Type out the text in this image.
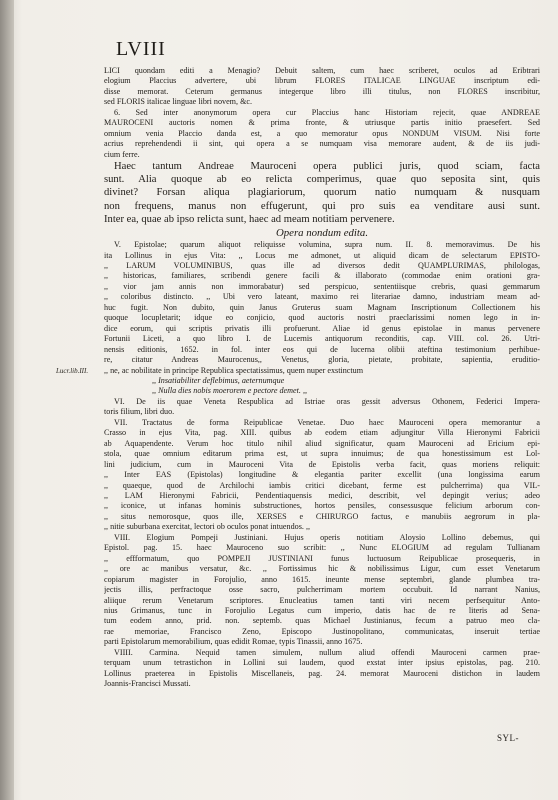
LVIII
Lucr.lib.III.
LICI quondam editi a Menagio? Debuit saltem, cum haec scriberet, oculos ad Eribtrari
elogium Placcius advertere, ubi librum FLORES ITALICAE LINGUAE inscriptum edi-
disse memorat. Ceterum germanus integerque libro illi titulus, non FLORES inscribitur,
sed FLORIS italicae linguae libri novem, &c.
6. Sed inter anonymorum opera cur Placcius hanc Historiam rejecit, quae ANDREAE
MAUROCENI auctoris nomen & prima fronte, & utriusque partis initio praesefert. Sed
omnium venia Placcio danda est, a quo memoratur opus NONDUM VISUM. Nisi forte
acrius reprehendendi ii sint, qui opera a se numquam visa memorare audent, & de iis judi-
cium ferre.
Haec tantum Andreae Mauroceni opera publici juris, quod sciam, facta
sunt. Alia quoque ab eo relicta comperimus, quae quo seposita sint, quis
divinet? Forsan aliqua plagiariorum, quorum natio numquam & nusquam
non frequens, manus non effugerunt, qui pro suis ea venditare ausi sunt.
Inter ea, quae ab ipso relicta sunt, haec ad meam notitiam pervenere.
Opera nondum edita.
V. Epistolae; quarum aliquot reliquisse volumina, supra num. II. 8. memoravimus. De his
ita Lollinus in ejus Vita: ,, Locus me admonet, ut aliquid dicam de selectarum EPISTO-
,, LARUM VOLUMINIBUS, quas ille ad diversos dedit QUAMPLURIMAS, philologas,
,, historicas, familiares, scribendi genere facili & illaborato (commodae enim orationi gra-
,, vior jam annis non immorabatur) sed perspicuo, sententiisque crebris, quasi gemmarum
,, coloribus distincto. ,, Ubi vero lateant, maximo rei literariae damno, industriam meam ad-
huc fugit. Non dubito, quin Janus Gruterus suam Magnam Inscriptionum Collectionem his
quoque locupletarit; idque eo conjicio, quod auctoris nostri praeclarissimi nomen lego in in-
dice eorum, qui scriptis privatis illi profuerunt. Aliae id genus epistolae in manus pervenere
Fortunii Liceti, a quo libro I. de Lucernis antiquorum reconditis, cap. VIII. col. 26. Utri-
nensis editionis, 1652. in fol. inter eos qui de lucerna olibii ateftina testimonium perhibue-
re, citatur Andreas Maurocenus,, Venetus, gloria, pietate, probitate, sapientia, eruditio-
,, ne, ac nobilitate in principe Republica spectatissimus, quem nuper exstinctum
,, Insatiabiliter deflebimus, aeternumque
,, Nulla dies nobis moerorem e pectore demet. ,,
VI. De iis quae Veneta Respublica ad Istriae oras gessit adversus Othonem, Federici Impera-
toris filium, libri duo.
VII. Tractatus de forma Reipublicae Venetae. Duo haec Mauroceni opera memorantur a
Crasso in ejus Vita, pag. XIII. quibus ab eodem etiam adjungitur Villa Hieronymi Fabricii
ab Aquapendente. Verum hoc titulo nihil aliud significatur, quam Mauroceni ad Ericium epi-
stola, quae omnium editarum prima est, ut supra innuimus; de qua honestissimum est Lol-
lini judicium, cum in Mauroceni Vita de Epistolis verba facit, quas moriens reliquit:
,, Inter EAS (Epistolas) longitudine & elegantia pariter excellit (una longissima earum
,, quaeque, quod de Archilochi iambis critici dicebant, ferme est pulcherrima) qua VIL-
,, LAM Hieronymi Fabricii, Pendentiaquensis medici, describit, vel depingit verius; adeo
,, iconice, ut infanas hominis substructiones, hortos pensiles, consessusque felicium arborum con-
,, situs nemorosque, quos ille, XERSES e CHIRURGO factus, e manubiis aegrorum in pla-
,, nitie suburbana exercitat, lectori ob oculos ponat intuendos. ,,
VIII. Elogium Pompeji Justiniani. Hujus operis notitiam Aloysio Lollino debemus, qui
Epistol. pag. 15. haec Mauroceno suo scribit: ,, Nunc ELOGIUM ad regulam Tullianam
,, effformatum, quo POMPEJI JUSTINIANI funus luctuosum Reipublicae prosequeris, in
,, ore ac manibus versatur, &c. ,, Fortissimus hic & nobilissimus Ligur, cum esset Venetarum
copiarum magister in Forojulio, anno 1615. ineunte mense septembri, glande plumbea tra-
jectis illis, perfractoque osse sacro, pulcherrimam mortem occubuit. Id narrant Nanius,
aliique rerum Venetarum scriptores. Enucleatius tamen tanti viri necem perfsequitur Anto-
nius Grimanus, tunc in Forojulio Legatus cum imperio, datis hac de re literis ad Sena-
tum eodem anno, prid. non. septemb. quas Michael Justinianus, fecum a patruo meo cla-
rae memoriae, Francisco Zeno, Episcopo Justinopolitano, communicatas, inseruit tertiae
parti Epistolarum memorabilium, quas edidit Romae, typis Tinassii, anno 1675.
VIIII. Carmina. Nequid tamen simulem, nullum aliud offendi Mauroceni carmen prae-
terquam unum tetrastichon in Lollini sui laudem, quod exstat inter ipsius epistolas, pag. 210.
Lollinus praeterea in Epistolis Miscellaneis, pag. 24. memorat Mauroceni distichon in laudem
Joannis-Francisci Mussati.
SYL-
